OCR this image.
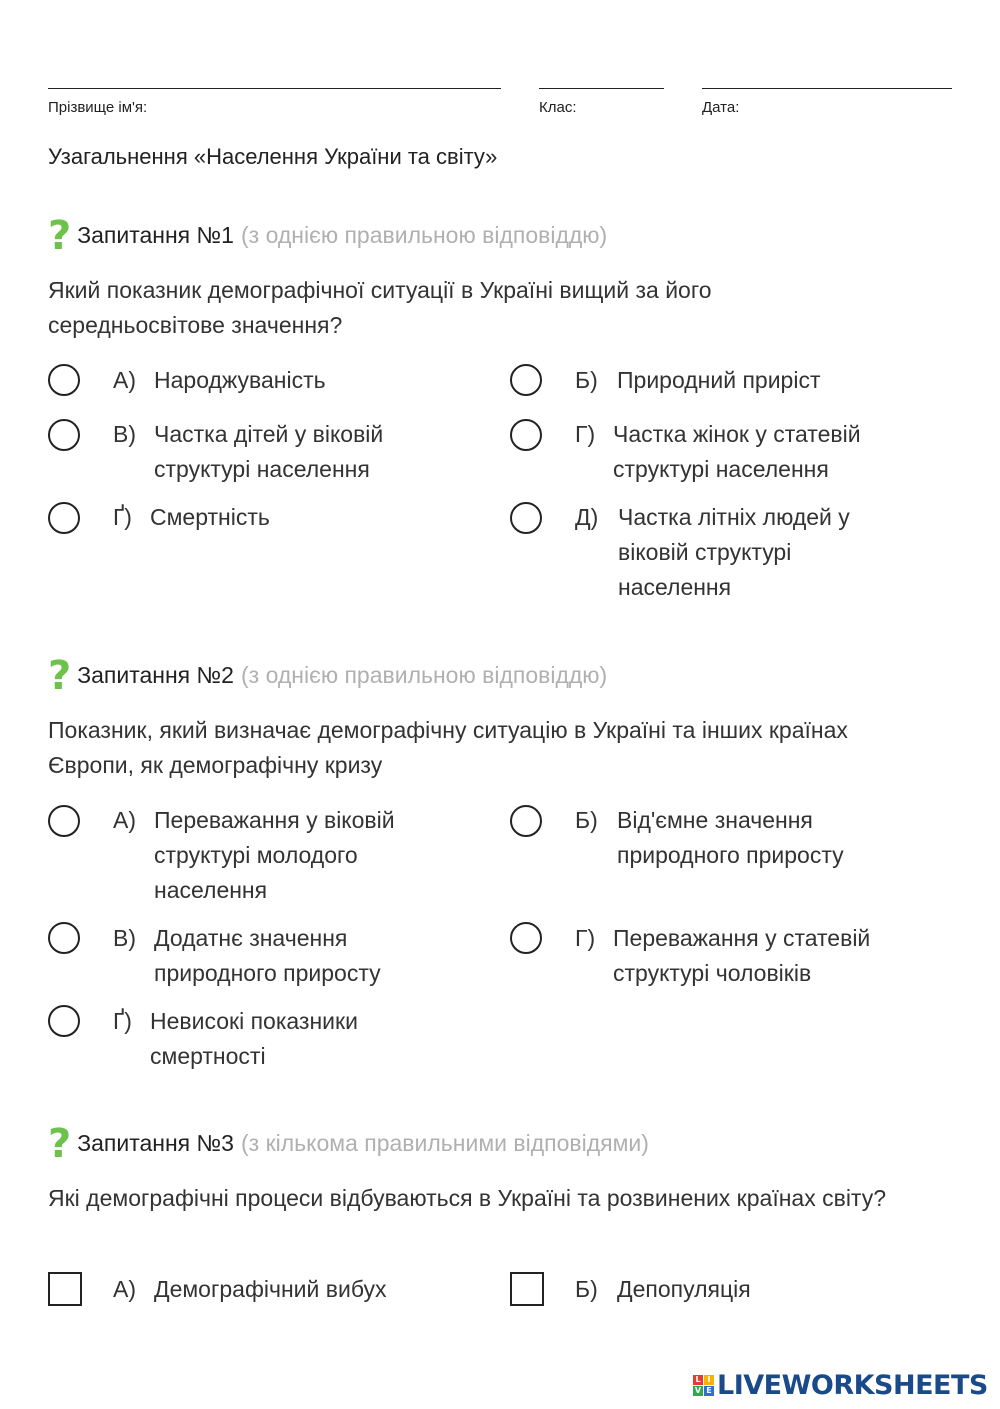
Прізвище ім'я:	Клас:	Дата:
Узагальнення «Населення України та світу»
? Запитання №1 (з однією правильною відповіддю)
Який показник демографічної ситуації в Україні вищий за його середньосвітове значення?
А) Народжуваність	Б) Природний приріст
В) Частка дітей у віковій структурі населення
Г) Частка жінок у статевій структурі населення
Ґ) Смертність	Д) Частка літніх людей у віковій структурі населення
? Запитання №2 (з однією правильною відповіддю)
Показник, який визначає демографічну ситуацію в Україні та інших країнах Європи, як демографічну кризу
А) Переважання у віковій структурі молодого населення
Б) Від'ємне значення природного приросту
В) Додатнє значення природного приросту
Г) Переважання у статевій структурі чоловіків
Ґ) Невисокі показники смертності
? Запитання №3 (з кількома правильними відповідями)
Які демографічні процеси відбуваються в Україні та розвинених країнах світу?
А) Демографічний вибух	Б) Депопуляція
L I
V E LIVEWORKSHEETS
